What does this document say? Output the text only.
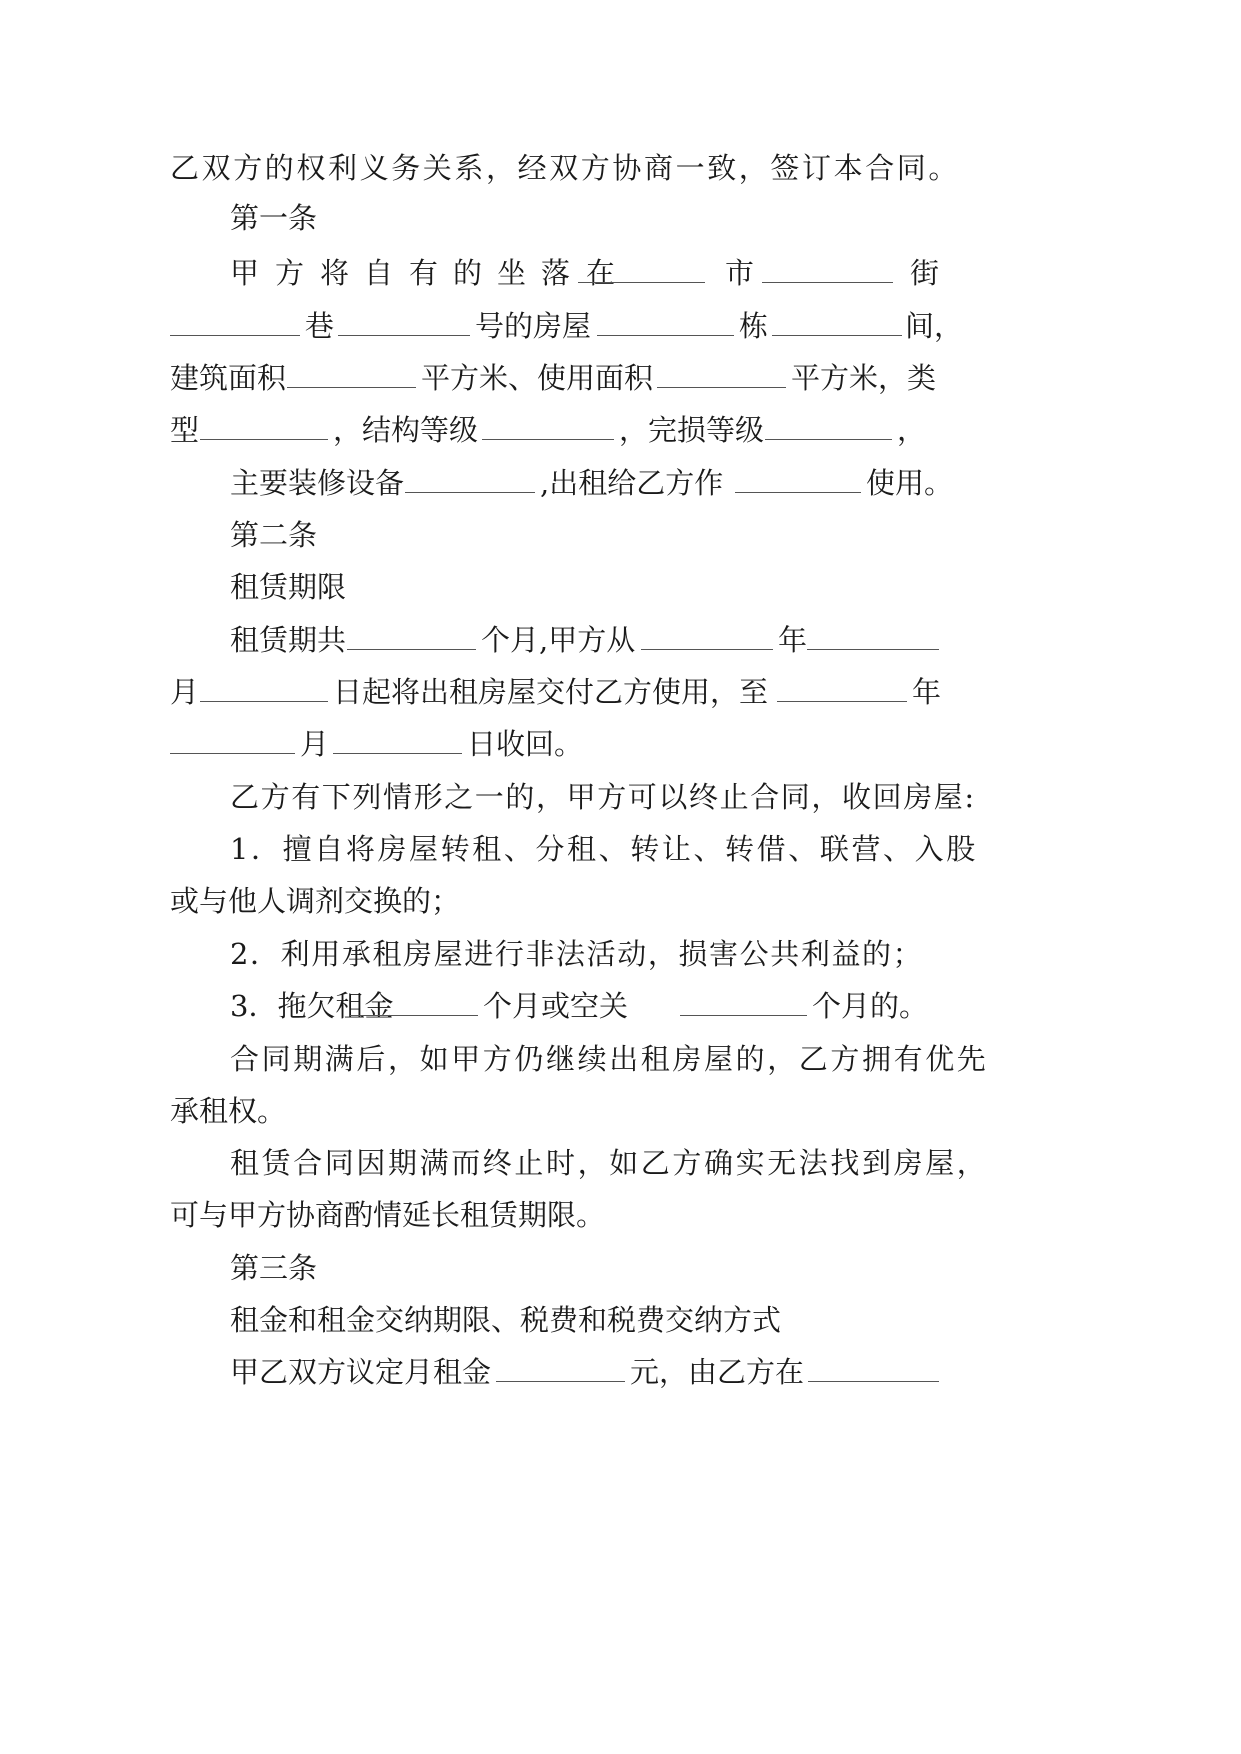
乙双方的权利义务关系，经双方协商一致，签订本合同。
第一条
甲 方 将 自 有 的 坐 落 在	市	街
巷	号的房屋	栋	间，
建筑面积	平方米、使用面积	平方米，类
型	，结构等级	，完损等级	，
主要装修设备	,出租给乙方作	使用。
第二条
租赁期限
租赁期共	个月,甲方从	年
月	日起将出租房屋交付乙方使用，至	年
月	日收回。
乙方有下列情形之一的，甲方可以终止合同，收回房屋:
1．擅自将房屋转租、分租、转让、转借、联营、入股
或与他人调剂交换的；
2．利用承租房屋进行非法活动，损害公共利益的；
3．拖欠租金	个月或空关	个月的。
合同期满后，如甲方仍继续出租房屋的，乙方拥有优先
承租权。
租赁合同因期满而终止时，如乙方确实无法找到房屋，
可与甲方协商酌情延长租赁期限。
第三条
租金和租金交纳期限、税费和税费交纳方式
甲乙双方议定月租金	元，由乙方在
